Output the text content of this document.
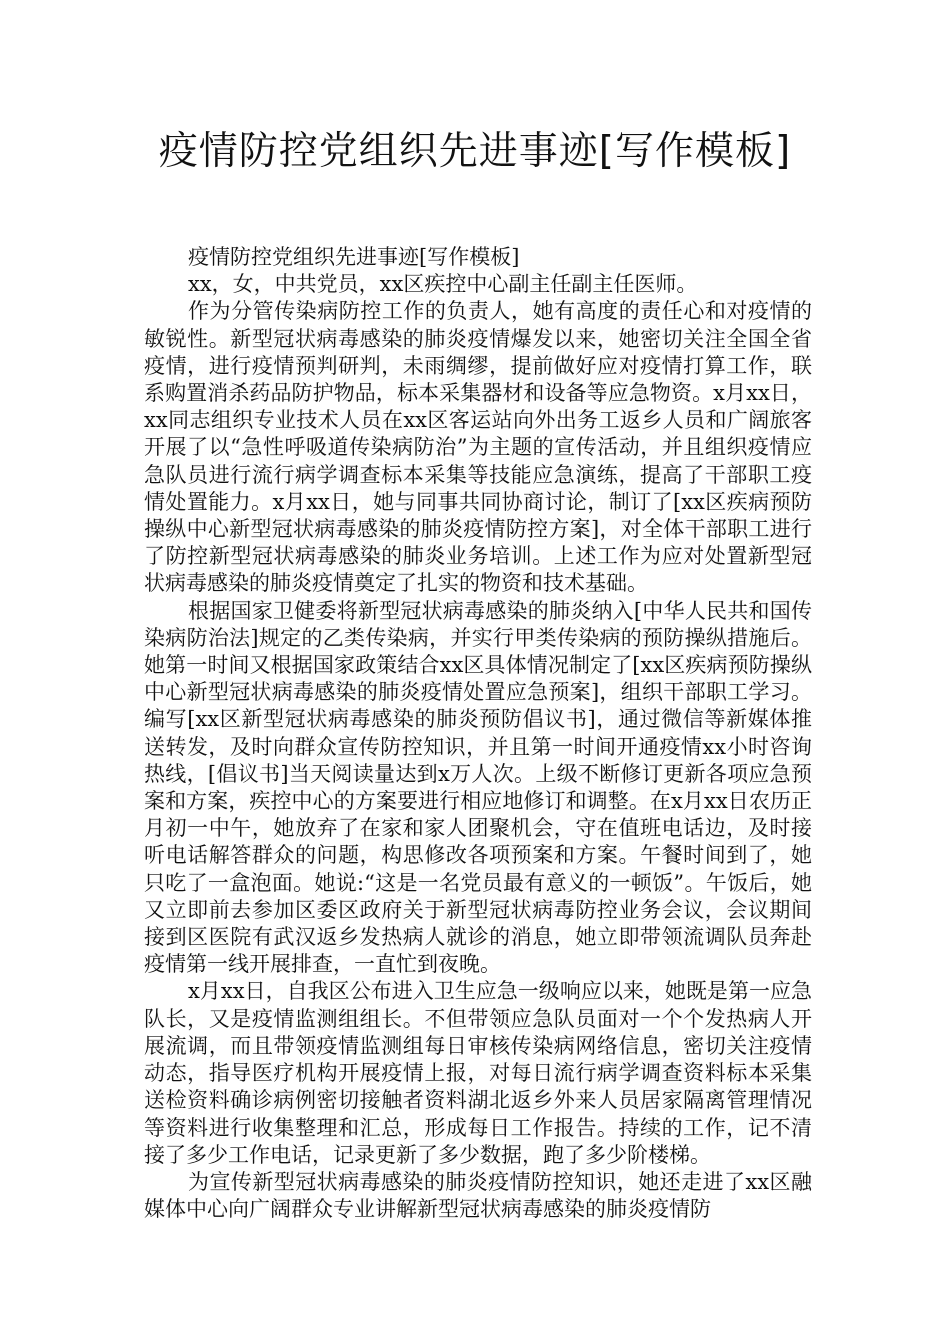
疫情防控党组织先进事迹[写作模板]

疫情防控党组织先进事迹[写作模板]

xx，女，中共党员，xx区疾控中心副主任副主任医师。

作为分管传染病防控工作的负责人，她有高度的责任心和对疫情的敏锐性。新型冠状病毒感染的肺炎疫情爆发以来，她密切关注全国全省疫情，进行疫情预判研判，未雨绸缪，提前做好应对疫情打算工作，联系购置消杀药品防护物品，标本采集器材和设备等应急物资。x月xx日，xx同志组织专业技术人员在xx区客运站向外出务工返乡人员和广阔旅客开展了以“急性呼吸道传染病防治”为主题的宣传活动，并且组织疫情应急队员进行流行病学调查标本采集等技能应急演练，提高了干部职工疫情处置能力。x月xx日，她与同事共同协商讨论，制订了[xx区疾病预防操纵中心新型冠状病毒感染的肺炎疫情防控方案]，对全体干部职工进行了防控新型冠状病毒感染的肺炎业务培训。上述工作为应对处置新型冠状病毒感染的肺炎疫情奠定了扎实的物资和技术基础。

根据国家卫健委将新型冠状病毒感染的肺炎纳入[中华人民共和国传染病防治法]规定的乙类传染病，并实行甲类传染病的预防操纵措施后。她第一时间又根据国家政策结合xx区具体情况制定了[xx区疾病预防操纵中心新型冠状病毒感染的肺炎疫情处置应急预案]，组织干部职工学习。编写[xx区新型冠状病毒感染的肺炎预防倡议书]，通过微信等新媒体推送转发，及时向群众宣传防控知识，并且第一时间开通疫情xx小时咨询热线，[倡议书]当天阅读量达到x万人次。上级不断修订更新各项应急预案和方案，疾控中心的方案要进行相应地修订和调整。在x月xx日农历正月初一中午，她放弃了在家和家人团聚机会，守在值班电话边，及时接听电话解答群众的问题，构思修改各项预案和方案。午餐时间到了，她只吃了一盒泡面。她说:“这是一名党员最有意义的一顿饭”。午饭后，她又立即前去参加区委区政府关于新型冠状病毒防控业务会议，会议期间接到区医院有武汉返乡发热病人就诊的消息，她立即带领流调队员奔赴疫情第一线开展排查，一直忙到夜晚。

x月xx日，自我区公布进入卫生应急一级响应以来，她既是第一应急队长，又是疫情监测组组长。不但带领应急队员面对一个个发热病人开展流调，而且带领疫情监测组每日审核传染病网络信息，密切关注疫情动态，指导医疗机构开展疫情上报，对每日流行病学调查资料标本采集送检资料确诊病例密切接触者资料湖北返乡外来人员居家隔离管理情况等资料进行收集整理和汇总，形成每日工作报告。持续的工作，记不清接了多少工作电话，记录更新了多少数据，跑了多少阶楼梯。

为宣传新型冠状病毒感染的肺炎疫情防控知识，她还走进了xx区融媒体中心向广阔群众专业讲解新型冠状病毒感染的肺炎疫情防
